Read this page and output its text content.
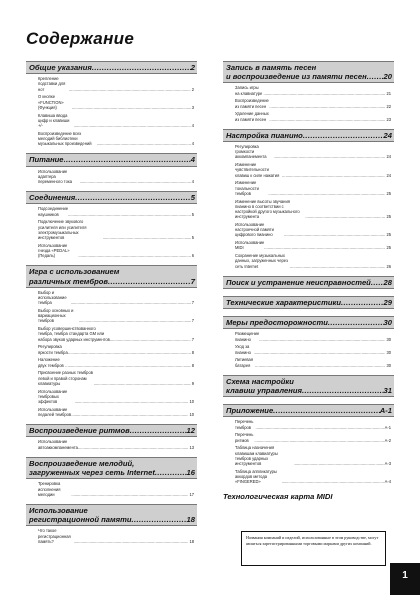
Содержание
Общие указания .....	2
Крепление подставки для нот .....	2
О кнопке «FUNCTION» (Функция) .....	3
Клавиша ввода цифр и клавиши +/- .....	4
Воспроизведение всех мелодий библиотеки музыкальных произведений .....	4
Питание .....	4
Использование адаптера переменного тока .....	4
Соединения .....	5
Подсоединение наушников .....	5
Подключение звукового усилителя или усилителя электромузыкальных инструментов .....	5
Использование гнезда «PEDAL» (Педаль) .....	6
Игра с использованием
различных тембров .....	7
Выбор и использование тембра .....	7
Выбор основных и вариационных тембров .....	7
Выбор усовершенствованного тембра, тембра стандарта GM или набора звуков ударных инструментов .....	7
Регулировка яркости тембра .....	8
Наложение двух тембров .....	8
Присвоение разных тембров левой и правой сторонам клавиатуры .....	9
Использование тембровых эффектов .....	10
Использование педалей тембров .....	10
Воспроизведение ритмов .....	12
Использование автоаккомпанемента .....	13
Воспроизведение мелодий,
загруженных через сеть Internet .....	16
Тренировка исполнения мелодии .....	17
Использование
регистрационной памяти .....	18
Что такое регистрационная память? .....	18
Запись в память песен
и воспроизведение из памяти песен ..... 20
Запись игры на клавиатуре .....	21
Воспроизведение из памяти песен .....	22
Удаление данных из памяти песен .....	23
Настройка пианино .....	24
Регулировка громкости аккомпанемента .....	24
Изменение чувствительности клавиш к силе нажатия .....	24
Изменение тональности тембров .....	25
Изменение высоты звучания пианино в соответствии с настройкой другого музыкального инструмента .....	25
Использование настроечной памяти цифрового пианино .....	25
Использование MIDI .....	25
Сохранение музыкальных данных, загруженных через сеть Internet .....	26
Поиск и устранение неисправностей ..... 28
Технические характеристики .....	29
Меры предосторожности .....	30
Размещение пианино .....	30
Уход за пианино .....	30
Литиевая батарея .....	30
Схема настройки
клавиш управления .....	31
Приложение .....	A-1
Перечень тембров .....	A-1
Перечень ритмов .....	A-2
Таблица назначения клавишам клавиатуры тембров ударных инструментов .....	A-3
Таблица аппликатуры аккордов метода «FINGERED» .....	A-4
Технологическая карта MIDI
Названия компаний и изделий, использованные в этом руководстве, могут являться зарегистрированными торговыми марками других компаний.
1
